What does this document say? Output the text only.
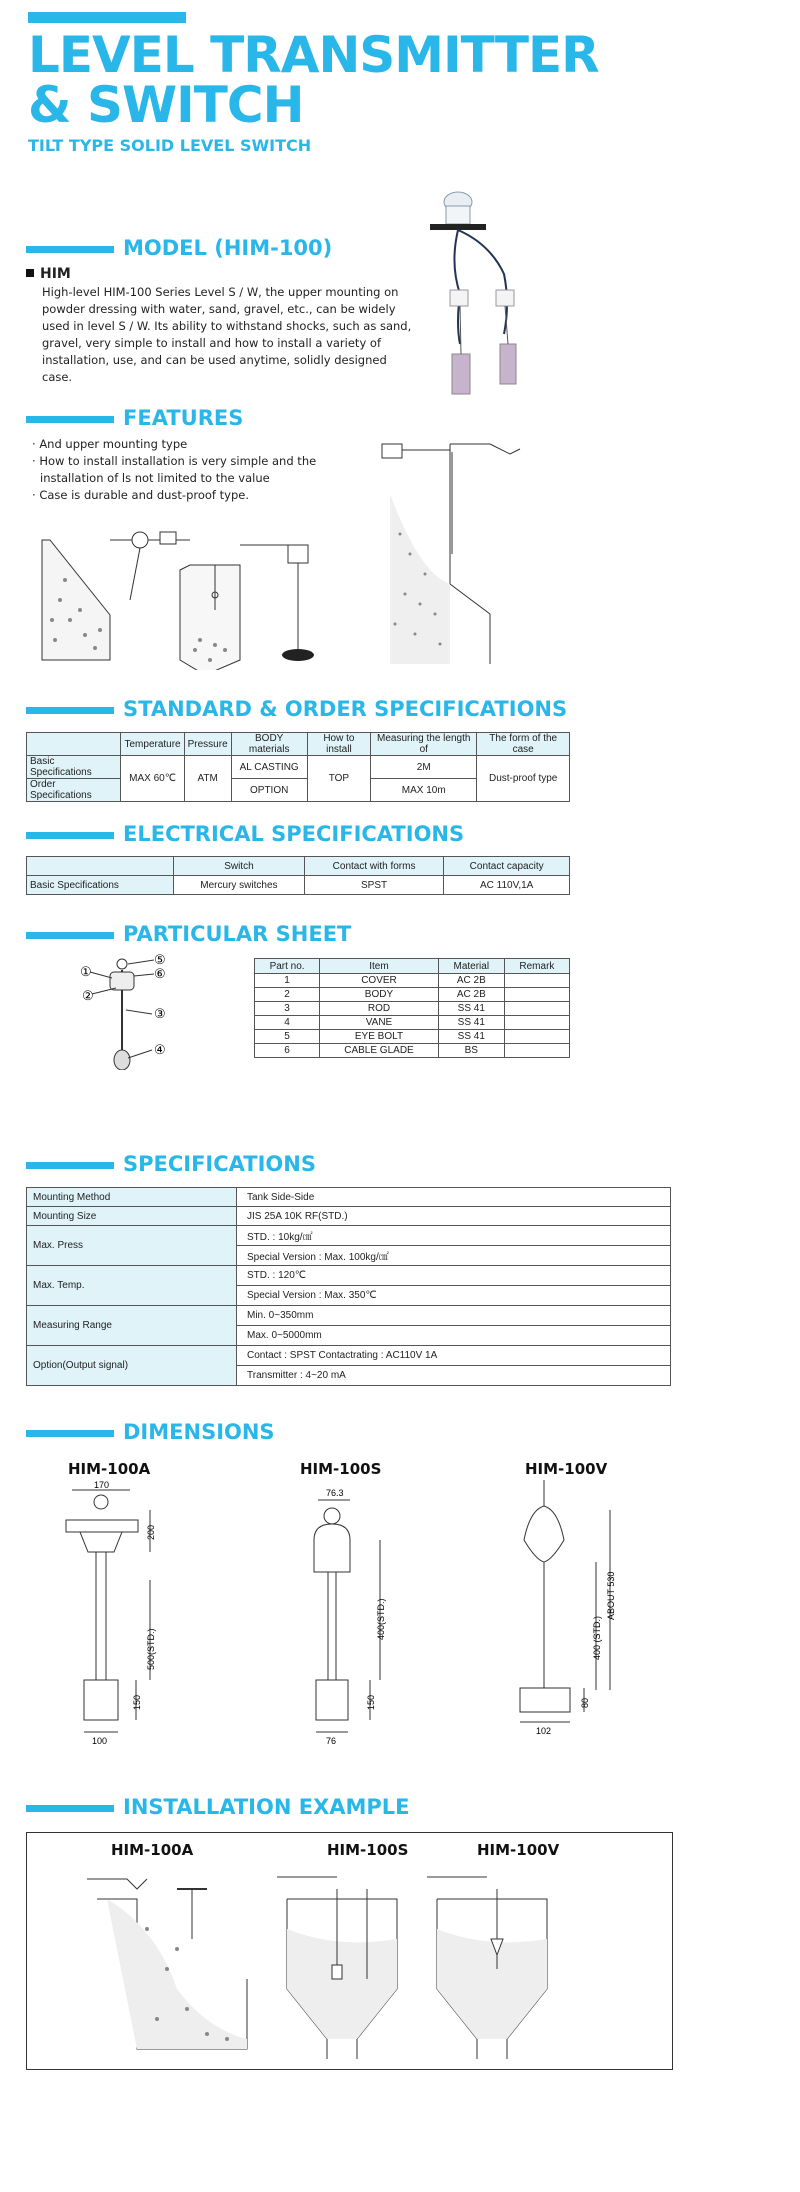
LEVEL TRANSMITTER
& SWITCH
TILT TYPE SOLID LEVEL SWITCH
MODEL (HIM-100)
HIM
High-level HIM-100 Series Level S / W, the upper mounting on powder dressing with water, sand, gravel, etc., can be widely used in level S / W. Its ability to withstand shocks, such as sand, gravel, very simple to install and how to install a variety of installation, use, and can be used anytime, solidly designed case.
FEATURES
· And upper mounting type
· How to install installation is very simple and the installation of ls not limited to the value
· Case is durable and dust-proof type.
STANDARD & ORDER SPECIFICATIONS
	Temperature	Pressure	BODY materials	How to install	Measuring the length of	The form of the case
Basic Specifications	MAX 60℃	ATM	AL CASTING	TOP	2M	Dust-proof type
Order Specifications			OPTION		MAX 10m	
ELECTRICAL SPECIFICATIONS
	Switch	Contact with forms	Contact capacity
Basic Specifications	Mercury switches	SPST	AC 110V,1A
PARTICULAR SHEET
①
②
③
④
⑤
⑥	Part no.	Item	Material	Remark
1	COVER	AC 2B	
2	BODY	AC 2B	
3	ROD	SS 41	
4	VANE	SS 41	
5	EYE BOLT	SS 41	
6	CABLE GLADE	BS	
SPECIFICATIONS
Mounting Method	Tank Side-Side
Mounting Size	JIS 25A 10K RF(STD.)
Max. Press	STD. : 10kg/㎠
	Special Version : Max. 100kg/㎠
Max. Temp.	STD. : 120℃
	Special Version : Max. 350℃
Measuring Range	Min. 0~350mm
	Max. 0~5000mm
Option(Output signal)	Contact : SPST Contactrating : AC110V 1A
	Transmitter : 4~20 mA
DIMENSIONS
HIM-100A	HIM-100S	HIM-100V
170
200
500(STD.)
150
100
76.3
400(STD.)
150
76
ABOUT 530
400 (STD.)
80
102
INSTALLATION EXAMPLE
HIM-100A	HIM-100S	HIM-100V
